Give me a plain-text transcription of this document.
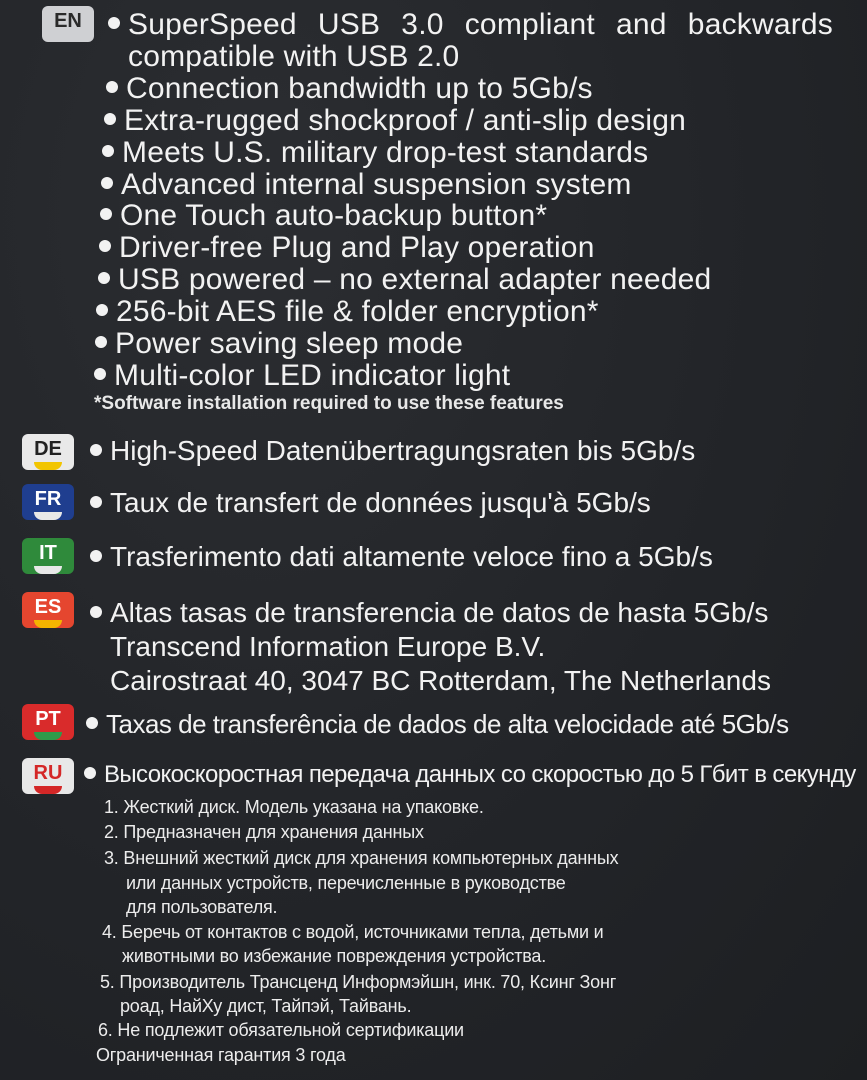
EN	SuperSpeed USB 3.0 compliant and backwards
compatible with USB 2.0
Connection bandwidth up to 5Gb/s
Extra-rugged shockproof / anti-slip design
Meets U.S. military drop-test standards
Advanced internal suspension system
One Touch auto-backup button*
Driver-free Plug and Play operation
USB powered – no external adapter needed
256-bit AES file & folder encryption*
Power saving sleep mode
Multi-color LED indicator light
*Software installation required to use these features
DE	High-Speed Datenübertragungsraten bis 5Gb/s
FR	Taux de transfert de données jusqu'à 5Gb/s
IT	Trasferimento dati altamente veloce fino a 5Gb/s
ES	Altas tasas de transferencia de datos de hasta 5Gb/s
Transcend Information Europe B.V.
Cairostraat 40, 3047 BC Rotterdam, The Netherlands
PT	Taxas de transferência de dados de alta velocidade até 5Gb/s
RU	Высокоскоростная передача данных со скоростью до 5 Гбит в секунду
1. Жесткий диск. Модель указана на упаковке.
2. Предназначен для хранения данных
3. Внешний жесткий диск для хранения компьютерных данных
или данных устройств, перечисленные в руководстве
для пользователя.
4. Беречь от контактов с водой, источниками тепла, детьми и
животными во избежание повреждения устройства.
5. Производитель Трансценд Информэйшн, инк. 70, Ксинг Зонг
роад, НайХу дист, Тайпэй, Тайвань.
6. Не подлежит обязательной сертификации
Ограниченная гарантия 3 года
